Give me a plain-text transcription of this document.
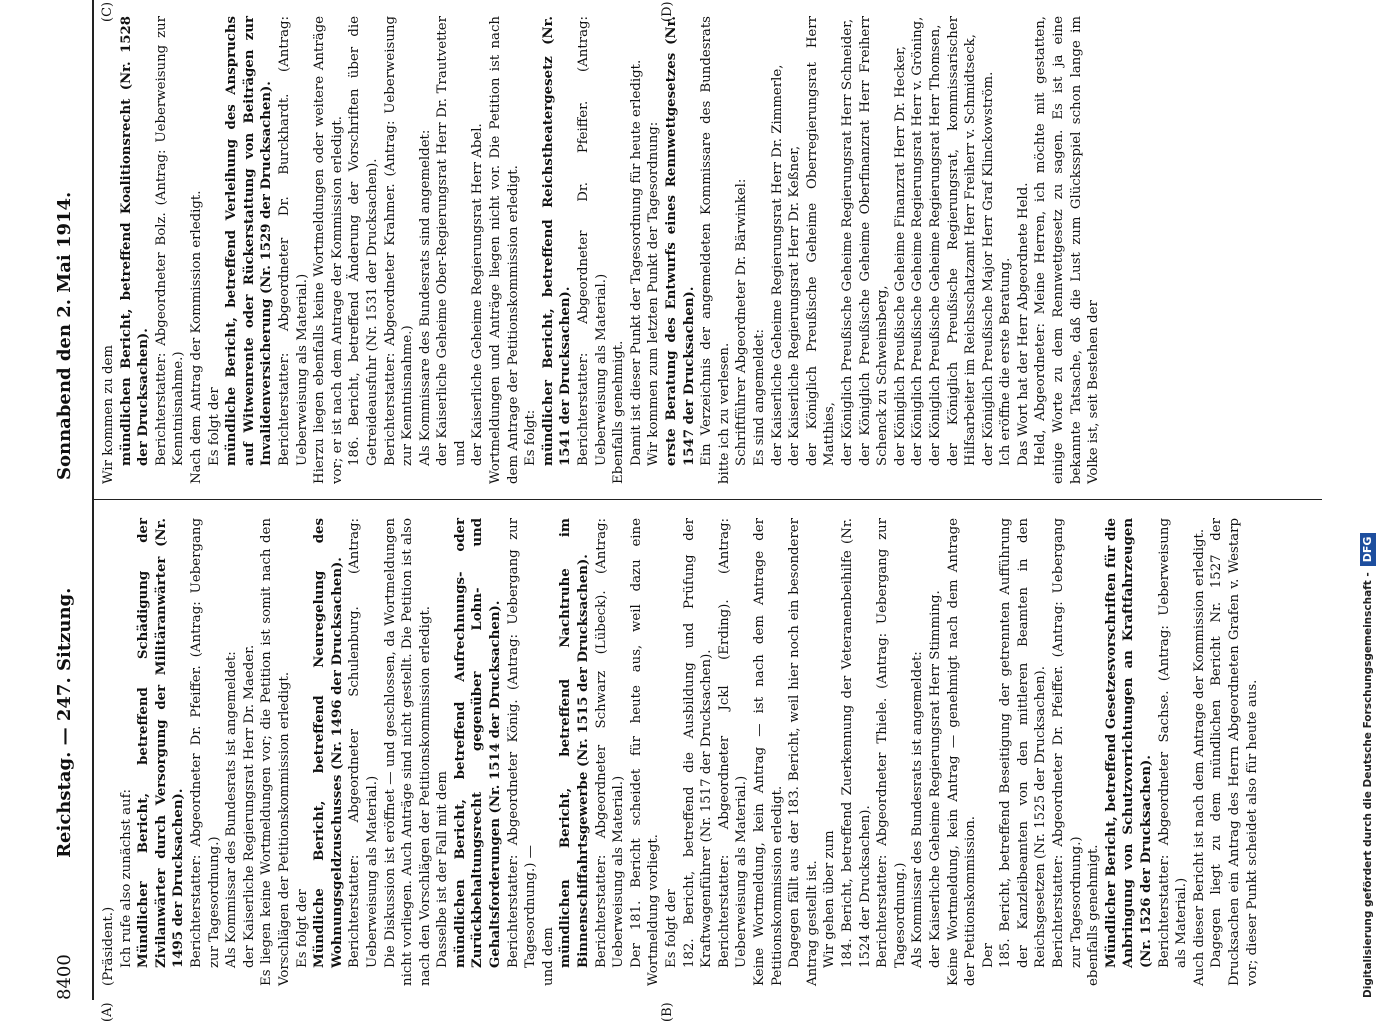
8400 Reichstag. — 247. Sitzung.
Sonnabend den 2. Mai 1914.
(A)	(B)
(C)	(D)

(Präsident.) Ich rufe also zunächst auf: Mündlicher Bericht, betreffend Schädigung der Zivilanwärter durch Versorgung der Militäranwärter (Nr. 1495 der Drucksachen). Berichterstatter: Abgeordneter Dr. Pfeiffer. (Antrag: Uebergang zur Tagesordnung.) Als Kommissar des Bundesrats ist angemeldet: der Kaiserliche Regierungsrat Herr Dr. Maeder. Es liegen keine Wortmeldungen vor; die Petition ist somit nach den Vorschlägen der Petitionskommission erledigt. Es folgt der Mündliche Bericht, betreffend Neuregelung des Wohnungsgeldzuschusses (Nr. 1496 der Drucksachen). Berichterstatter: Abgeordneter Schulenburg. (Antrag: Ueberweisung als Material.) Die Diskussion ist eröffnet — und geschlossen, da Wortmeldungen nicht vorliegen. Auch Anträge sind nicht gestellt. Die Petition ist also nach den Vorschlägen der Petitionskommission erledigt. Dasselbe ist der Fall mit dem mündlichen Bericht, betreffend Aufrechnungs- oder Zurückbehaltungsrecht gegenüber Lohn- und Gehaltsforderungen (Nr. 1514 der Drucksachen). Berichterstatter: Abgeordneter König. (Antrag: Uebergang zur Tagesordnung.) — und dem mündlichen Bericht, betreffend Nachtruhe im Binnenschiffahrtsgewerbe (Nr. 1515 der Drucksachen). Berichterstatter: Abgeordneter Schwarz (Lübeck). (Antrag: Ueberweisung als Material.) Der 181. Bericht scheidet für heute aus, weil dazu eine Wortmeldung vorliegt. Es folgt der 182. Bericht, betreffend die Ausbildung und Prüfung der Kraftwagenführer (Nr. 1517 der Drucksachen). Berichterstatter: Abgeordneter Jckl (Erding). (Antrag: Ueberweisung als Material.) Keine Wortmeldung, kein Antrag — ist nach dem Antrage der Petitionskommission erledigt. Dagegen fällt aus der 183. Bericht, weil hier noch ein besonderer Antrag gestellt ist. Wir gehen über zum 184. Bericht, betreffend Zuerkennung der Veteranenbeihilfe (Nr. 1524 der Drucksachen). Berichterstatter: Abgeordneter Thiele. (Antrag: Uebergang zur Tagesordnung.) Als Kommissar des Bundesrats ist angemeldet: der Kaiserliche Geheime Regierungsrat Herr Stimming. Keine Wortmeldung, kein Antrag — genehmigt nach dem Antrage der Petitionskommission. Der 185. Bericht, betreffend Beseitigung der getrennten Aufführung der Kanzleibeamten von den mittleren Beamten in den Reichsgesetzen (Nr. 1525 der Drucksachen). Berichterstatter: Abgeordneter Dr. Pfeiffer. (Antrag: Uebergang zur Tagesordnung.) ebenfalls genehmigt. Mündlicher Bericht, betreffend Gesetzesvorschriften für die Anbringung von Schutzvorrichtungen an Kraftfahrzeugen (Nr. 1526 der Drucksachen). Berichterstatter: Abgeordneter Sachse. (Antrag: Ueberweisung als Material.) Auch dieser Bericht ist nach dem Antrage der Kommission erledigt. Dagegen liegt zu dem mündlichen Bericht Nr. 1527 der Drucksachen ein Antrag des Herrn Abgeordneten Grafen v. Westarp vor; dieser Punkt scheidet also für heute aus.

Wir kommen zu dem mündlichen Bericht, betreffend Koalitionsrecht (Nr. 1528 der Drucksachen). Berichterstatter: Abgeordneter Bolz. (Antrag: Ueberweisung zur Kenntnisnahme.) Nach dem Antrag der Kommission erledigt. Es folgt der mündliche Bericht, betreffend Verleihung des Anspruchs auf Witwenrente oder Rückerstattung von Beiträgen zur Invalidenversicherung (Nr. 1529 der Drucksachen). Berichterstatter: Abgeordneter Dr. Burckhardt. (Antrag: Ueberweisung als Material.) Hierzu liegen ebenfalls keine Wortmeldungen oder weitere Anträge vor; er ist nach dem Antrage der Kommission erledigt. 186. Bericht, betreffend Änderung der Vorschriften über die Getreideausfuhr (Nr. 1531 der Drucksachen). Berichterstatter: Abgeordneter Krahmer. (Antrag: Ueberweisung zur Kenntnisnahme.) Als Kommissare des Bundesrats sind angemeldet: der Kaiserliche Geheime Ober-Regierungsrat Herr Dr. Trautvetter und der Kaiserliche Geheime Regierungsrat Herr Abel. Wortmeldungen und Anträge liegen nicht vor. Die Petition ist nach dem Antrage der Petitionskommission erledigt. Es folgt: mündlicher Bericht, betreffend Reichstheatergesetz (Nr. 1541 der Drucksachen). Berichterstatter: Abgeordneter Dr. Pfeiffer. (Antrag: Ueberweisung als Material.) Ebenfalls genehmigt. Damit ist dieser Punkt der Tagesordnung für heute erledigt. Wir kommen zum letzten Punkt der Tagesordnung: erste Beratung des Entwurfs eines Rennwettgesetzes (Nr. 1547 der Drucksachen). Ein Verzeichnis der angemeldeten Kommissare des Bundesrats bitte ich zu verlesen. Schriftführer Abgeordneter Dr. Bärwinkel: Es sind angemeldet: der Kaiserliche Geheime Regierungsrat Herr Dr. Zimmerle, der Kaiserliche Regierungsrat Herr Dr. Keßner, der Königlich Preußische Geheime Oberregierungsrat Herr Matthies, der Königlich Preußische Geheime Regierungsrat Herr Schneider, der Königlich Preußische Geheime Oberfinanzrat Herr Freiherr Schenck zu Schweinsberg, der Königlich Preußische Geheime Finanzrat Herr Dr. Hecker, der Königlich Preußische Geheime Regierungsrat Herr v. Gröning, der Königlich Preußische Geheime Regierungsrat Herr Thomsen, der Königlich Preußische Regierungsrat, kommissarischer Hilfsarbeiter im Reichsschatzamt Herr Freiherr v. Schmidtseck, der Königlich Preußische Major Herr Graf Klinckowström. Ich eröffne die erste Beratung. Das Wort hat der Herr Abgeordnete Held. Held, Abgeordneter: Meine Herren, ich möchte mit gestatten, einige Worte zu dem Rennwettgesetz zu sagen. Es ist ja eine bekannte Tatsache, daß die Lust zum Glücksspiel schon lange im Volke ist, seit Bestehen der

Digitalisierung gefördert durch die Deutsche Forschungsgemeinschaft -DFG
